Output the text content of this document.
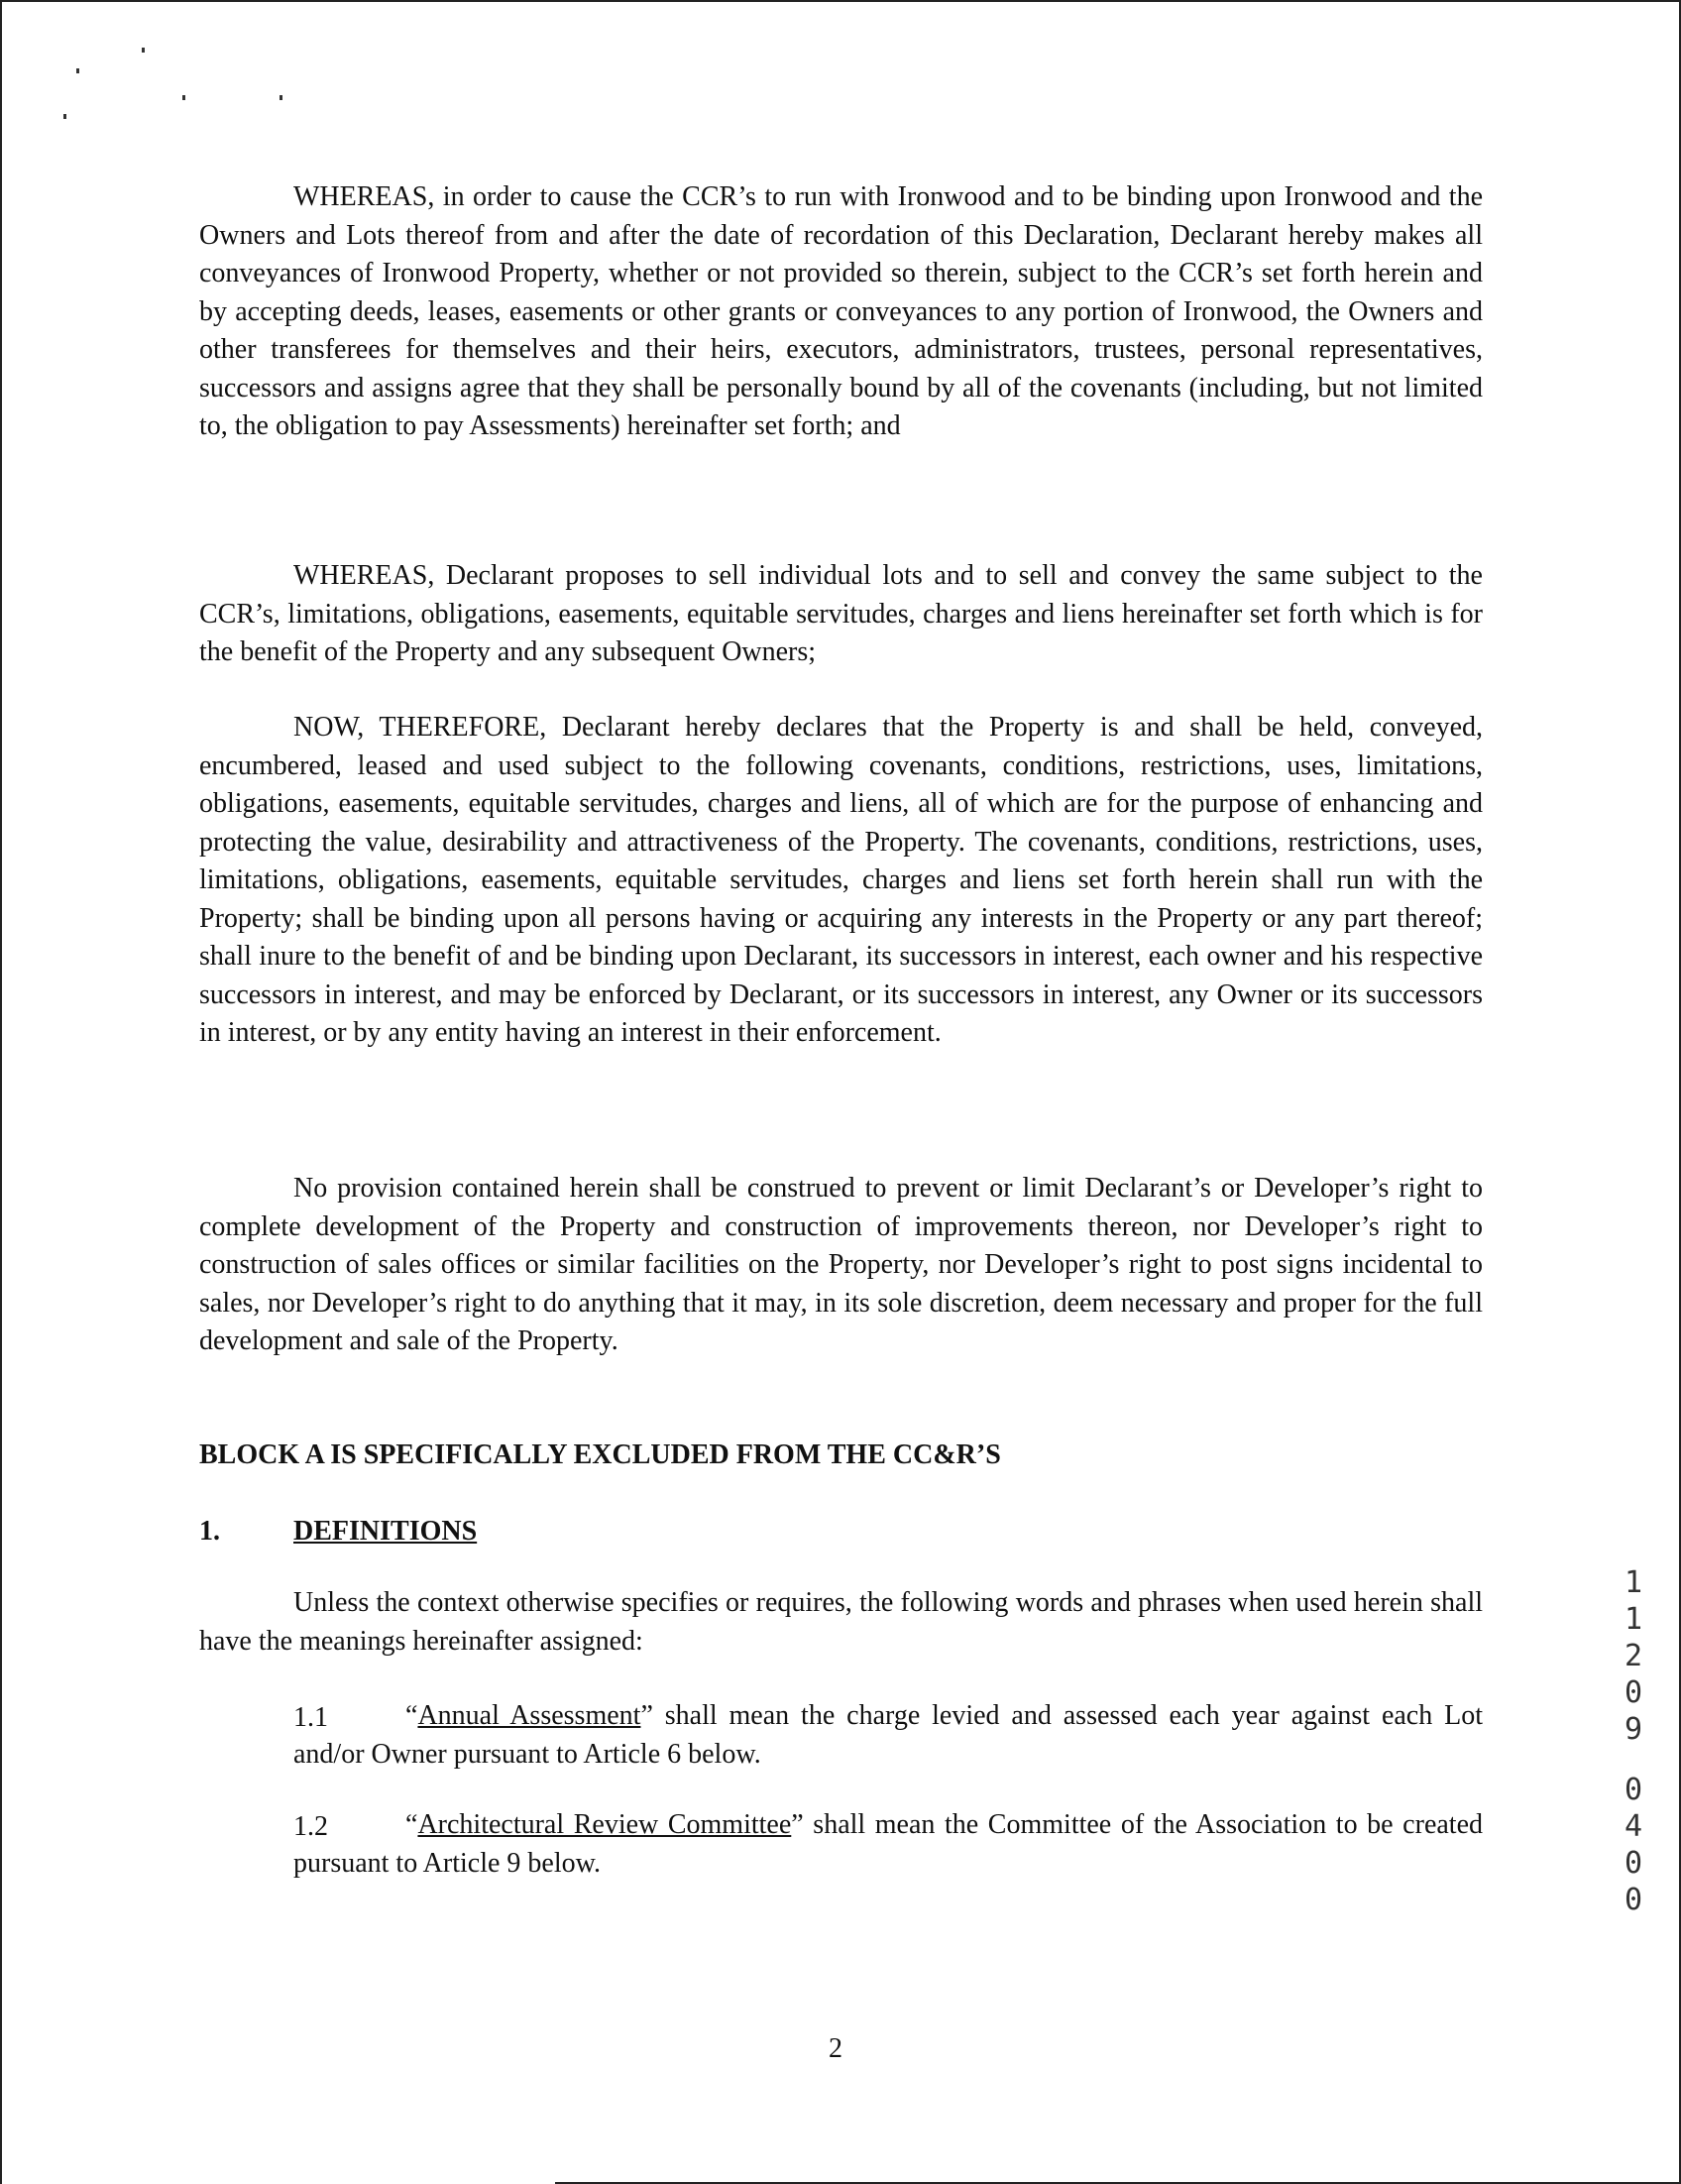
WHEREAS, in order to cause the CCR’s to run with Ironwood and to be binding upon Ironwood and the Owners and Lots thereof from and after the date of recordation of this Declaration, Declarant hereby makes all conveyances of Ironwood Property, whether or not provided so therein, subject to the CCR’s set forth herein and by accepting deeds, leases, easements or other grants or conveyances to any portion of Ironwood, the Owners and other transferees for themselves and their heirs, executors, administrators, trustees, personal representatives, successors and assigns agree that they shall be personally bound by all of the covenants (including, but not limited to, the obligation to pay Assessments) hereinafter set forth; and

WHEREAS, Declarant proposes to sell individual lots and to sell and convey the same subject to the CCR’s, limitations, obligations, easements, equitable servitudes, charges and liens hereinafter set forth which is for the benefit of the Property and any subsequent Owners;

NOW, THEREFORE, Declarant hereby declares that the Property is and shall be held, conveyed, encumbered, leased and used subject to the following covenants, conditions, restrictions, uses, limitations, obligations, easements, equitable servitudes, charges and liens, all of which are for the purpose of enhancing and protecting the value, desirability and attractiveness of the Property. The covenants, conditions, restrictions, uses, limitations, obligations, easements, equitable servitudes, charges and liens set forth herein shall run with the Property; shall be binding upon all persons having or acquiring any interests in the Property or any part thereof; shall inure to the benefit of and be binding upon Declarant, its successors in interest, each owner and his respective successors in interest, and may be enforced by Declarant, or its successors in interest, any Owner or its successors in interest, or by any entity having an interest in their enforcement.

No provision contained herein shall be construed to prevent or limit Declarant’s or Developer’s right to complete development of the Property and construction of improvements thereon, nor Developer’s right to construction of sales offices or similar facilities on the Property, nor Developer’s right to post signs incidental to sales, nor Developer’s right to do anything that it may, in its sole discretion, deem necessary and proper for the full development and sale of the Property.

BLOCK A IS SPECIFICALLY EXCLUDED FROM THE CC&R’S

1.	DEFINITIONS

Unless the context otherwise specifies or requires, the following words and phrases when used herein shall have the meanings hereinafter assigned:

1.1	“Annual Assessment” shall mean the charge levied and assessed each year against each Lot and/or Owner pursuant to Article 6 below.

1.2	“Architectural Review Committee” shall mean the Committee of the Association to be created pursuant to Article 9 below.

2
1
1
2
0
9
0
4
0
0
